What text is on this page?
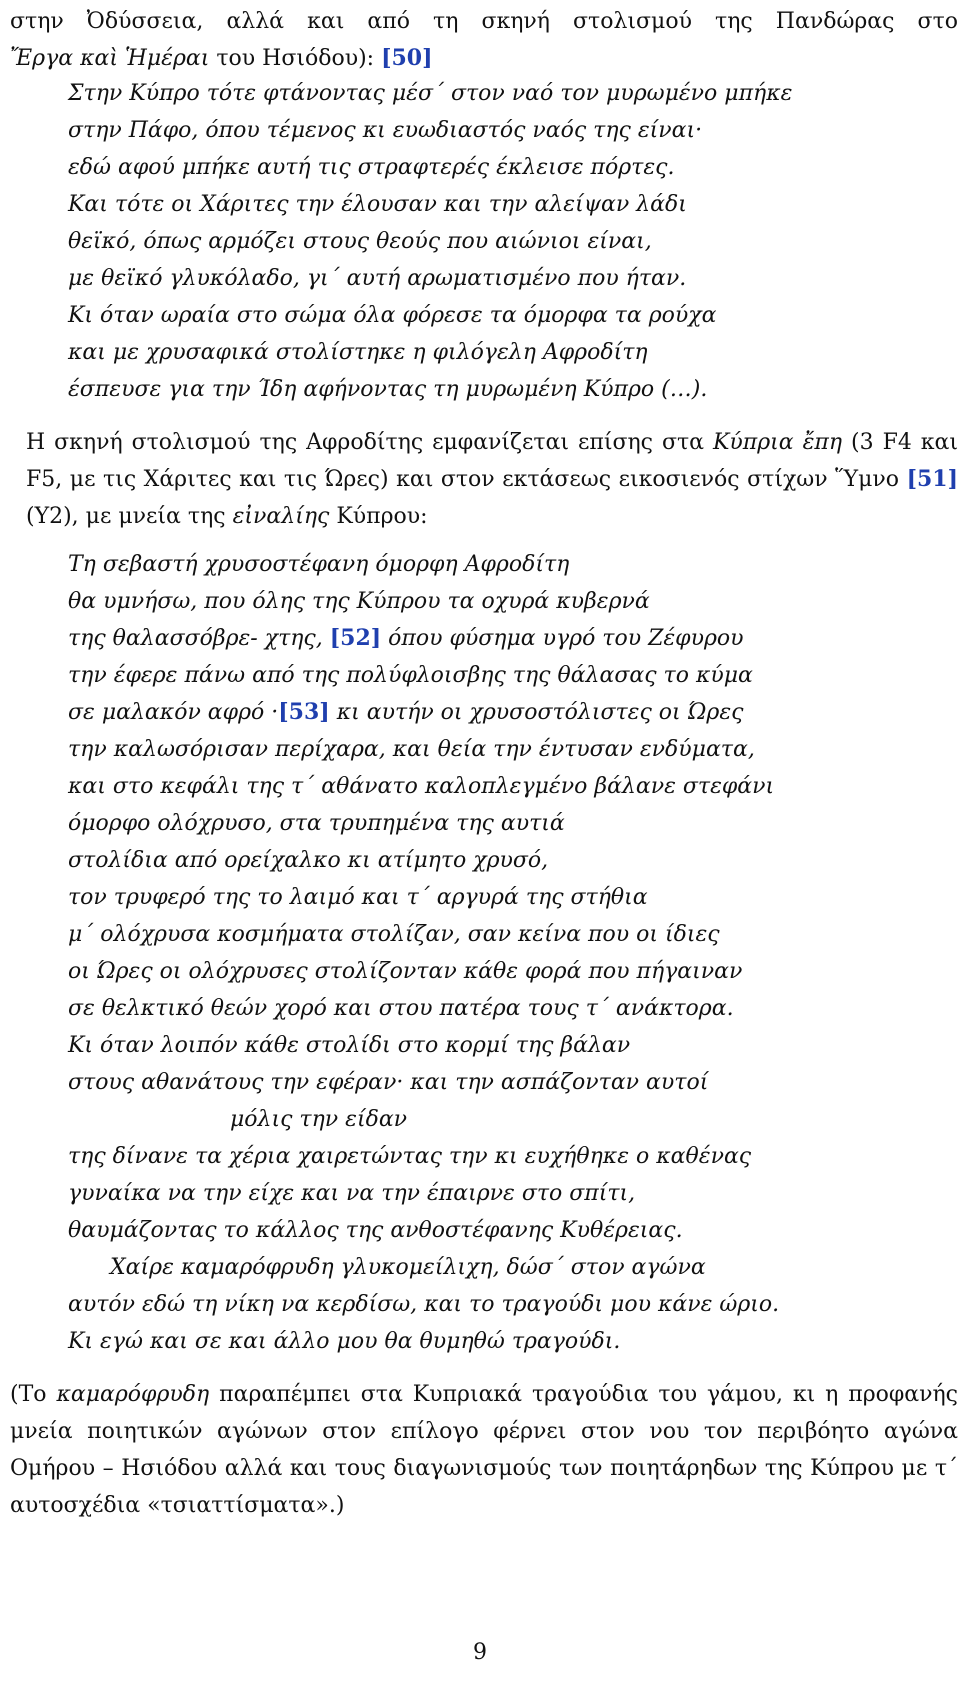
στην Ὀδύσσεια, αλλά και από τη σκηνή στολισμού της Πανδώρας στο
Ἔργα καὶ Ἡμέραι του Ησιόδου): [50]
Στην Κύπρο τότε φτάνοντας μέσ΄ στον ναό τον μυρωμένο μπήκε
στην Πάφο, όπου τέμενος κι ευωδιαστός ναός της είναι·
εδώ αφού μπήκε αυτή τις στραφτερές έκλεισε πόρτες.
Και τότε οι Χάριτες την έλουσαν και την αλείψαν λάδι
θεϊκό, όπως αρμόζει στους θεούς που αιώνιοι είναι,
με θεϊκό γλυκόλαδο, γι΄ αυτή αρωματισμένο που ήταν.
Κι όταν ωραία στο σώμα όλα φόρεσε τα όμορφα τα ρούχα
και με χρυσαφικά στολίστηκε η φιλόγελη Αφροδίτη
έσπευσε για την Ίδη αφήνοντας τη μυρωμένη Κύπρο (…).
Η σκηνή στολισμού της Αφροδίτης εμφανίζεται επίσης στα Κύπρια ἔπη (3 F4 και F5, με τις Χάριτες και τις Ώρες) και στον εκτάσεως εικοσιενός στίχων Ὕμνο [51] (Υ2), με μνεία της εἰναλίης Κύπρου:
Τη σεβαστή χρυσοστέφανη όμορφη Αφροδίτη
θα υμνήσω, που όλης της Κύπρου τα οχυρά κυβερνά
της θαλασσόβρε- χτης, [52] όπου φύσημα υγρό του Ζέφυρου
την έφερε πάνω από της πολύφλοισβης της θάλασας το κύμα
σε μαλακόν αφρό ·[53] κι αυτήν οι χρυσοστόλιστες οι Ώρες
την καλωσόρισαν περίχαρα, και θεία την έντυσαν ενδύματα,
και στο κεφάλι της τ΄ αθάνατο καλοπλεγμένο βάλανε στεφάνι
όμορφο ολόχρυσο, στα τρυπημένα της αυτιά
στολίδια από ορείχαλκο κι ατίμητο χρυσό,
τον τρυφερό της το λαιμό και τ΄ αργυρά της στήθια
μ΄ ολόχρυσα κοσμήματα στολίζαν, σαν κείνα που οι ίδιες
οι Ώρες οι ολόχρυσες στολίζονταν κάθε φορά που πήγαιναν
σε θελκτικό θεών χορό και στου πατέρα τους τ΄ ανάκτορα.
Κι όταν λοιπόν κάθε στολίδι στο κορμί της βάλαν
στους αθανάτους την εφέραν· και την ασπάζονταν αυτοί
μόλις την είδαν
της δίνανε τα χέρια χαιρετώντας την κι ευχήθηκε ο καθένας
γυναίκα να την είχε και να την έπαιρνε στο σπίτι,
θαυμάζοντας το κάλλος της ανθοστέφανης Κυθέρειας.
Χαίρε καμαρόφρυδη γλυκομείλιχη, δώσ΄ στον αγώνα
αυτόν εδώ τη νίκη να κερδίσω, και το τραγούδι μου κάνε ώριο.
Κι εγώ και σε και άλλο μου θα θυμηθώ τραγούδι.
(Το καμαρόφρυδη παραπέμπει στα Κυπριακά τραγούδια του γάμου, κι η προφανής μνεία ποιητικών αγώνων στον επίλογο φέρνει στον νου τον περιβόητο αγώνα Ομήρου – Ησιόδου αλλά και τους διαγωνισμούς των ποιητάρηδων της Κύπρου με τ΄ αυτοσχέδια «τσιαττίσματα».)
9
